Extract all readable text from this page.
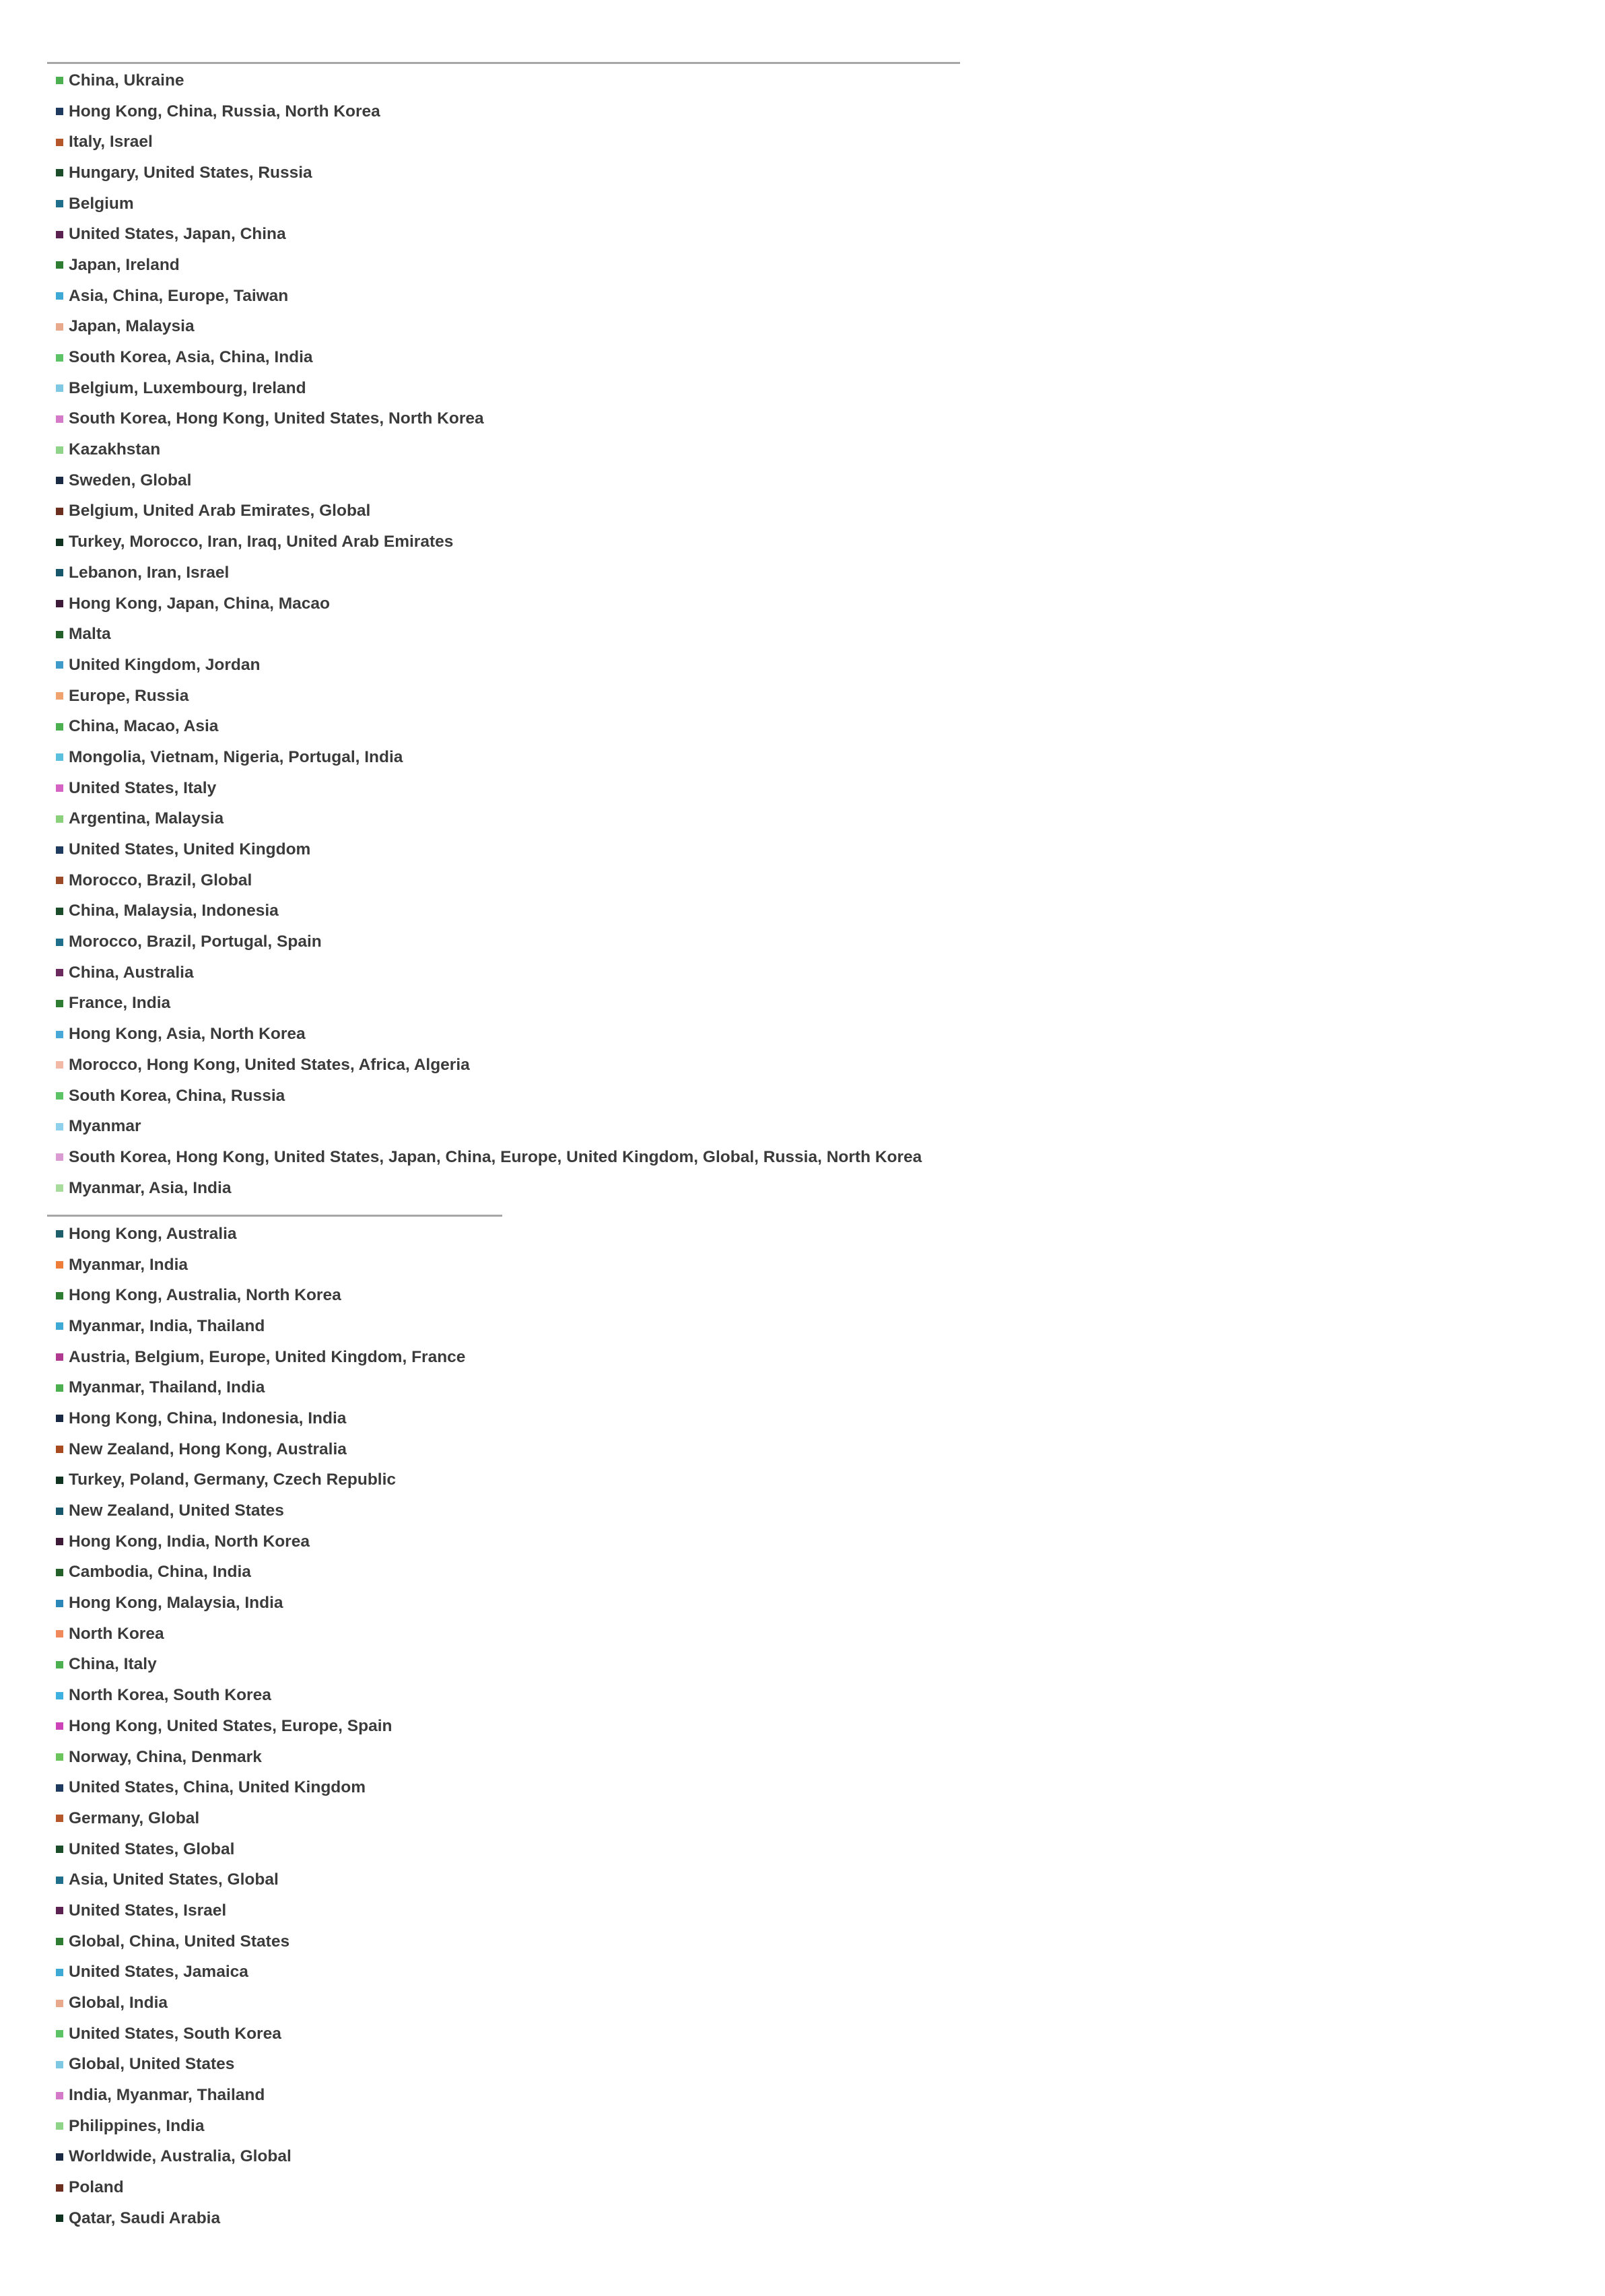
China, Ukraine
Hong Kong, China, Russia, North Korea
Italy, Israel
Hungary, United States, Russia
Belgium
United States, Japan, China
Japan, Ireland
Asia, China, Europe, Taiwan
Japan, Malaysia
South Korea, Asia, China, India
Belgium, Luxembourg, Ireland
South Korea, Hong Kong, United States, North Korea
Kazakhstan
Sweden, Global
Belgium, United Arab Emirates, Global
Turkey, Morocco, Iran, Iraq, United Arab Emirates
Lebanon, Iran, Israel
Hong Kong, Japan, China, Macao
Malta
United Kingdom, Jordan
Europe, Russia
China, Macao, Asia
Mongolia, Vietnam, Nigeria, Portugal, India
United States, Italy
Argentina, Malaysia
United States, United Kingdom
Morocco, Brazil, Global
China, Malaysia, Indonesia
Morocco, Brazil, Portugal, Spain
China, Australia
France, India
Hong Kong, Asia, North Korea
Morocco, Hong Kong, United States, Africa, Algeria
South Korea, China, Russia
Myanmar
South Korea, Hong Kong, United States, Japan, China, Europe, United Kingdom, Global, Russia, North Korea
Myanmar, Asia, India
Hong Kong, Australia
Myanmar, India
Hong Kong, Australia, North Korea
Myanmar, India, Thailand
Austria, Belgium, Europe, United Kingdom, France
Myanmar, Thailand, India
Hong Kong, China, Indonesia, India
New Zealand, Hong Kong, Australia
Turkey, Poland, Germany, Czech Republic
New Zealand, United States
Hong Kong, India, North Korea
Cambodia, China, India
Hong Kong, Malaysia, India
North Korea
China, Italy
North Korea, South Korea
Hong Kong, United States, Europe, Spain
Norway, China, Denmark
United States, China, United Kingdom
Germany, Global
United States, Global
Asia, United States, Global
United States, Israel
Global, China, United States
United States, Jamaica
Global, India
United States, South Korea
Global, United States
India, Myanmar, Thailand
Philippines, India
Worldwide, Australia, Global
Poland
Qatar, Saudi Arabia
